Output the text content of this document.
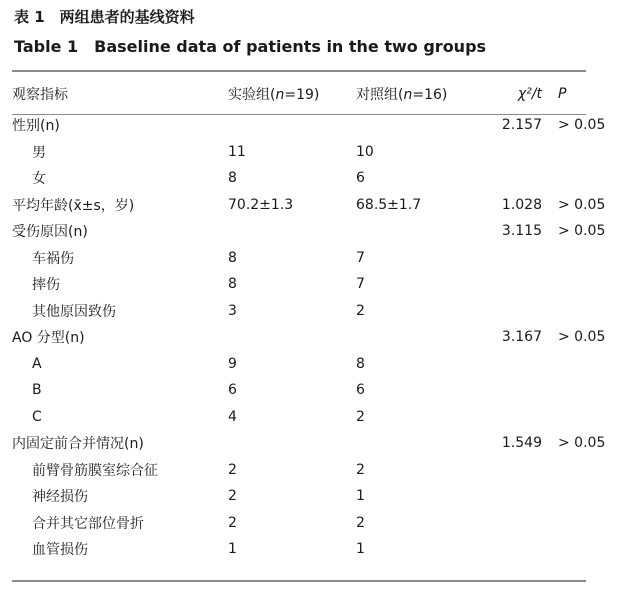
表 1　两组患者的基线资料
Table 1　Baseline data of patients in the two groups
观察指标	实验组(n=19)	对照组(n=16)	χ²/t	P
性别(n)			2.157	> 0.05
男	11	10		
女	8	6		
平均年龄(x̄±s，岁)	70.2±1.3	68.5±1.7	1.028	> 0.05
受伤原因(n)			3.115	> 0.05
车祸伤	8	7		
摔伤	8	7		
其他原因致伤	3	2		
AO 分型(n)			3.167	> 0.05
A	9	8		
B	6	6		
C	4	2		
内固定前合并情况(n)			1.549	> 0.05
前臂骨筋膜室综合征	2	2		
神经损伤	2	1		
合并其它部位骨折	2	2		
血管损伤	1	1		
